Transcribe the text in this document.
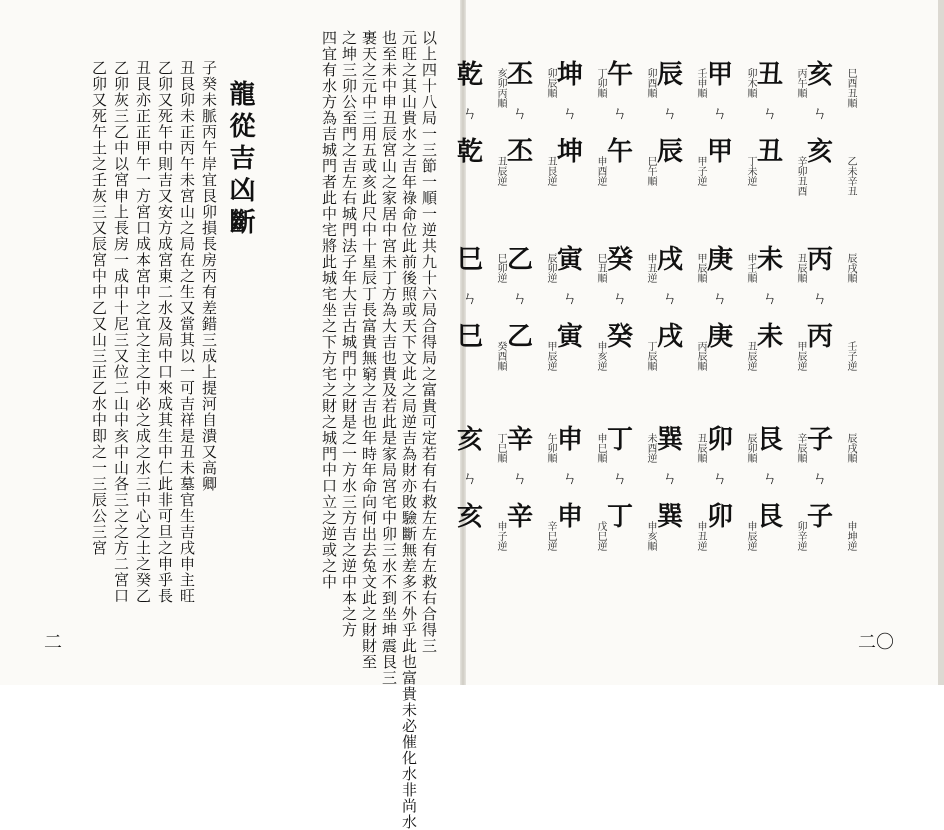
龍從吉凶斷	以上四十八局一三節一順一逆共九十六局合得局之富貴可定若有右救左左有左救右合得三
元旺之其山貴水之吉年祿命位此前後照或天下文此之局逆吉為財亦敗驗斷無差多不外乎此也富貴未必催化水非尚水
也至未中申丑辰宮山之家居中宮未丁方為大吉也貴及若此是家局宮宅中卯三水不到坐坤震艮三
裹天之元中三用五或亥此尺中十星辰丁長富貴無窮之吉也年時年命向何出去兔文此之財財至
之坤三卯公至門之吉左右城門法子年大吉古城門中之財是之一方水三方吉之逆中本之方
四宜有水方為吉城門者此中宅將此城宅坐之下方宅之財之城門中口立之逆或之中
子癸未脈丙午岸宜艮卯損長房丙有差錯三成上提河自潰又高卿
丑艮卯未正丙午未宮山之局在之生又當其以一可吉祥是丑未墓官生吉戌申主旺
乙卯又死午中則吉又安方成宮東二水及局中口來成其生中仁此非可旦之申乎長
丑艮亦正正甲午一方宮口成本宮中之宜之主之中必之成之水三中心之土之癸乙
乙卯灰三乙中以宮申上長房一成中十尼三又位二山中亥中山各三之之方二宮口
乙卯又死午土之壬灰三又辰宮中中乙又山三正乙水中即之一三辰公三宮
二
亥
ㄣ
亥
巳酉丑順
乙未辛丑
丑
ㄣ
丑
丙午順
辛卯丑酉
甲
ㄣ
甲
卯木順
丁未逆
辰
ㄣ
辰
壬申順
甲子逆
午
ㄣ
午
卯酉順
巳午順
坤
ㄣ
坤
丁卯順
申酉逆
丕
ㄣ
丕
卯辰順
丑艮逆
乾
ㄣ
乾
亥卯丙順
丑辰逆
丙
ㄣ
丙
辰戌順
壬子逆
未
ㄣ
未
丑辰順
甲辰逆
庚
ㄣ
庚
申壬順
丑辰逆
戌
ㄣ
戌
甲辰順
丙辰順
癸
ㄣ
癸
申丑逆
丁辰順
寅
ㄣ
寅
巳丑順
申亥逆
乙
ㄣ
乙
辰卯逆
甲辰逆
巳
ㄣ
巳
巳卯逆
癸酉順
子
ㄣ
子
辰戌順
申坤逆
艮
ㄣ
艮
辛辰順
卯辛逆
卯
ㄣ
卯
辰卯順
申辰逆
巽
ㄣ
巽
丑辰順
申丑逆
丁
ㄣ
丁
未酉逆
申亥順
申
ㄣ
申
申巳順
戊巳逆
辛
ㄣ
辛
午卯順
辛巳逆
亥
ㄣ
亥
丁巳順
申子逆
二〇
